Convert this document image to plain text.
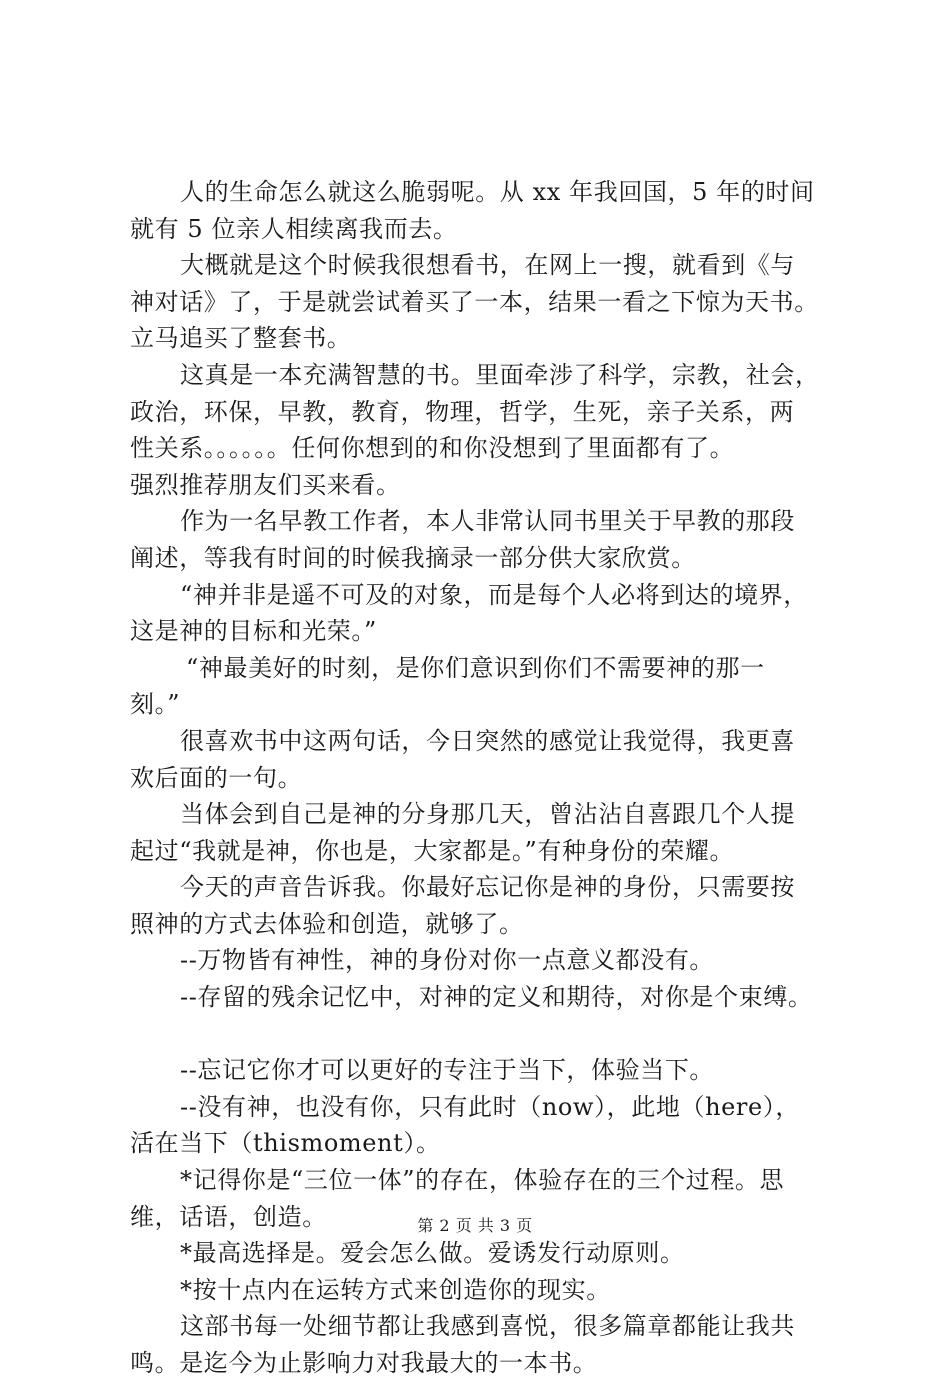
人的生命怎么就这么脆弱呢。从 xx 年我回国，5 年的时间
就有 5 位亲人相续离我而去。
大概就是这个时候我很想看书，在网上一搜，就看到《与
神对话》了，于是就尝试着买了一本，结果一看之下惊为天书。
立马追买了整套书。
这真是一本充满智慧的书。里面牵涉了科学，宗教，社会，
政治，环保，早教，教育，物理，哲学，生死，亲子关系，两
性关系。。。。。。任何你想到的和你没想到了里面都有了。
强烈推荐朋友们买来看。
作为一名早教工作者，本人非常认同书里关于早教的那段
阐述，等我有时间的时候我摘录一部分供大家欣赏。
“神并非是遥不可及的对象，而是每个人必将到达的境界，
这是神的目标和光荣。”
“神最美好的时刻，是你们意识到你们不需要神的那一
刻。”
很喜欢书中这两句话，今日突然的感觉让我觉得，我更喜
欢后面的一句。
当体会到自己是神的分身那几天，曾沾沾自喜跟几个人提
起过“我就是神，你也是，大家都是。”有种身份的荣耀。
今天的声音告诉我。你最好忘记你是神的身份，只需要按
照神的方式去体验和创造，就够了。
--万物皆有神性，神的身份对你一点意义都没有。
--存留的残余记忆中，对神的定义和期待，对你是个束缚。
--忘记它你才可以更好的专注于当下，体验当下。
--没有神，也没有你，只有此时（now），此地（here），
活在当下（thismoment）。
*记得你是“三位一体”的存在，体验存在的三个过程。思
维，话语，创造。
*最高选择是。爱会怎么做。爱诱发行动原则。
*按十点内在运转方式来创造你的现实。
这部书每一处细节都让我感到喜悦，很多篇章都能让我共
鸣。是迄今为止影响力对我最大的一本书。
第 2 页 共 3 页
